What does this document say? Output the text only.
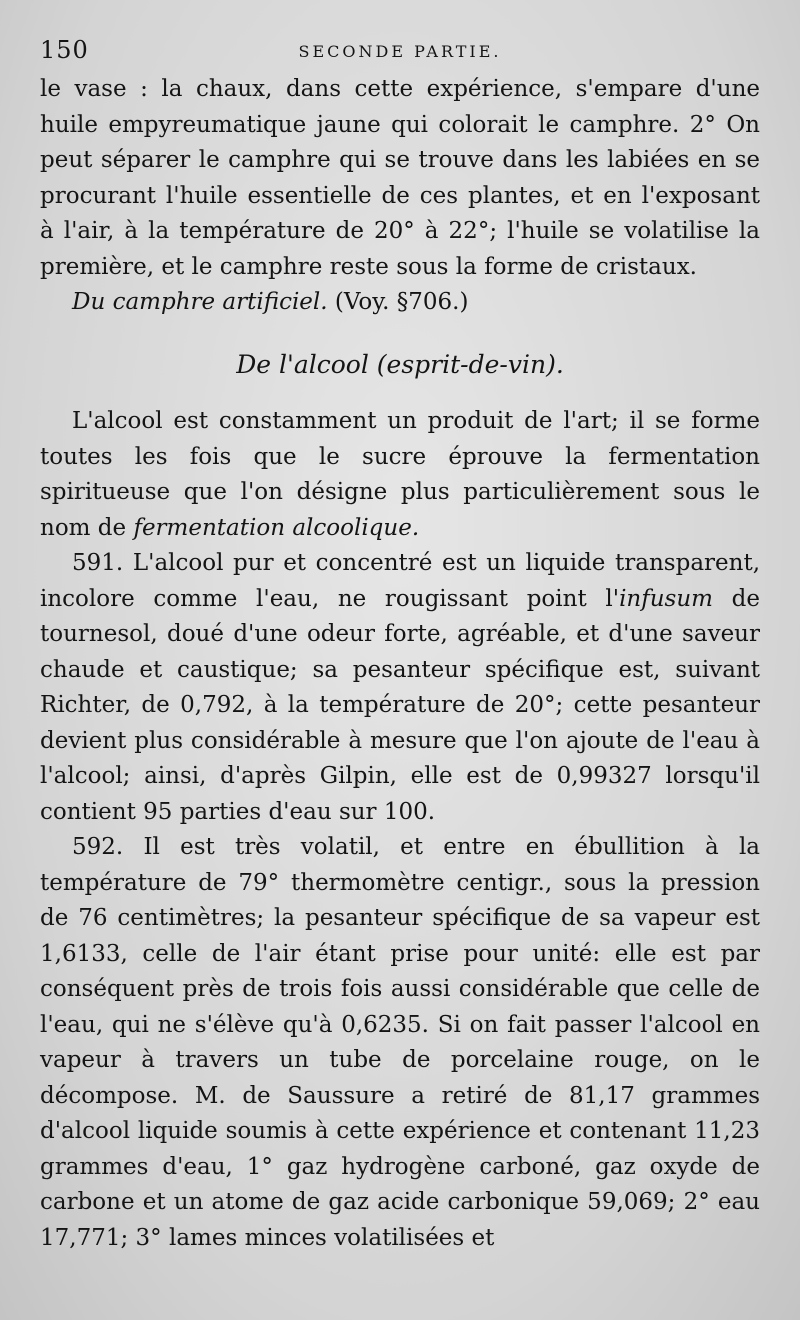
150	SECONDE PARTIE.

le vase : la chaux, dans cette expérience, s'empare d'une huile empyreumatique jaune qui colorait le camphre. 2° On peut séparer le camphre qui se trouve dans les labiées en se procurant l'huile essentielle de ces plantes, et en l'exposant à l'air, à la température de 20° à 22°; l'huile se volatilise la première, et le camphre reste sous la forme de cristaux.

Du camphre artificiel. (Voy. §706.)

De l'alcool (esprit-de-vin).

L'alcool est constamment un produit de l'art; il se forme toutes les fois que le sucre éprouve la fermentation spiritueuse que l'on désigne plus particulièrement sous le nom de fermentation alcoolique.

591. L'alcool pur et concentré est un liquide transparent, incolore comme l'eau, ne rougissant point l'infusum de tournesol, doué d'une odeur forte, agréable, et d'une saveur chaude et caustique; sa pesanteur spécifique est, suivant Richter, de 0,792, à la température de 20°; cette pesanteur devient plus considérable à mesure que l'on ajoute de l'eau à l'alcool; ainsi, d'après Gilpin, elle est de 0,99327 lorsqu'il contient 95 parties d'eau sur 100.

592. Il est très volatil, et entre en ébullition à la température de 79° thermomètre centigr., sous la pression de 76 centimètres; la pesanteur spécifique de sa vapeur est 1,6133, celle de l'air étant prise pour unité: elle est par conséquent près de trois fois aussi considérable que celle de l'eau, qui ne s'élève qu'à 0,6235. Si on fait passer l'alcool en vapeur à travers un tube de porcelaine rouge, on le décompose. M. de Saussure a retiré de 81,17 grammes d'alcool liquide soumis à cette expérience et contenant 11,23 grammes d'eau, 1° gaz hydrogène carboné, gaz oxyde de carbone et un atome de gaz acide carbonique 59,069; 2° eau 17,771; 3° lames minces volatilisées et
